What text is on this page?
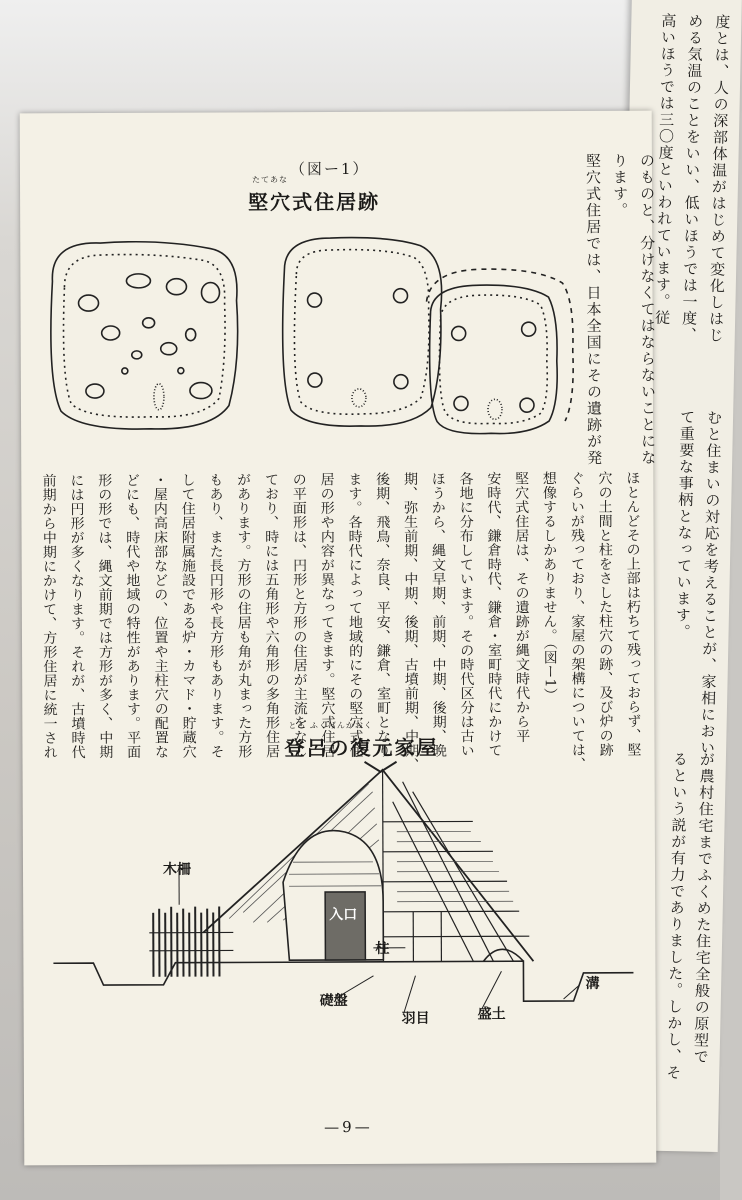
度とは、人の深部体温がはじめて変化しはじ
める気温のことをいい、低いほうでは一度、
高いほうでは三〇度といわれています。従
むと住まいの対応を考えることが、家相におい
て重要な事柄となっています。
が農村住宅までふくめた住宅全般の原型で
るという説が有力でありました。しかし、そ
（図ー1）
たてあな
堅穴式住居跡	のものと、分けなくてはならないことにな
ります。
堅穴式住居では、日本全国にその遺跡が発
ほとんどその上部は朽ちて残っておらず、堅
穴の土間と柱をさした柱穴の跡、及び炉の跡
ぐらいが残っており、家屋の架構については、
想像するしかありません。（図ー1）
堅穴式住居は、その遺跡が縄文時代から平
安時代、鎌倉時代、鎌倉・室町時代にかけて
各地に分布しています。その時代区分は古い
ほうから、縄文早期、前期、中期、後期、晩
期、弥生前期、中期、後期、古墳前期、中期、
後期、飛鳥、奈良、平安、鎌倉、室町となり
ます。各時代によって地域的にその堅穴式住
居の形や内容が異なってきます。堅穴式住居
の平面形は、円形と方形の住居が主流をなし
ており、時には五角形や六角形の多角形住居
があります。方形の住居も角が丸まった方形
もあり、また長円形や長方形もあります。そ
して住居附属施設である炉・カマド・貯蔵穴
・屋内高床部などの、位置や主柱穴の配置な
どにも、時代や地域の特性があります。平面
形の形では、縄文前期では方形が多く、中期
には円形が多くなります。それが、古墳時代
前期から中期にかけて、方形住居に統一され	とろ ふくげんかおく
登呂の復元家屋
木柵
入口
柱
礎盤
羽目	盛土
溝
—9—
